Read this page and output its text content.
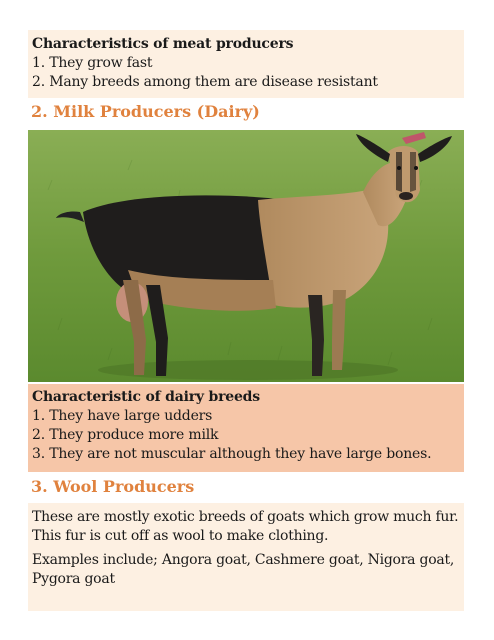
Characteristics of meat producers
1. They grow fast
2. Many breeds among them are disease resistant
2. Milk Producers (Dairy)
Characteristic of dairy breeds
1. They have large udders
2. They produce more milk
3. They are not muscular although they have large bones.
3. Wool Producers
These are mostly exotic breeds of goats which grow much fur. This fur is cut off as wool to make clothing.
Examples include; Angora goat, Cashmere goat, Nigora goat, Pygora goat
